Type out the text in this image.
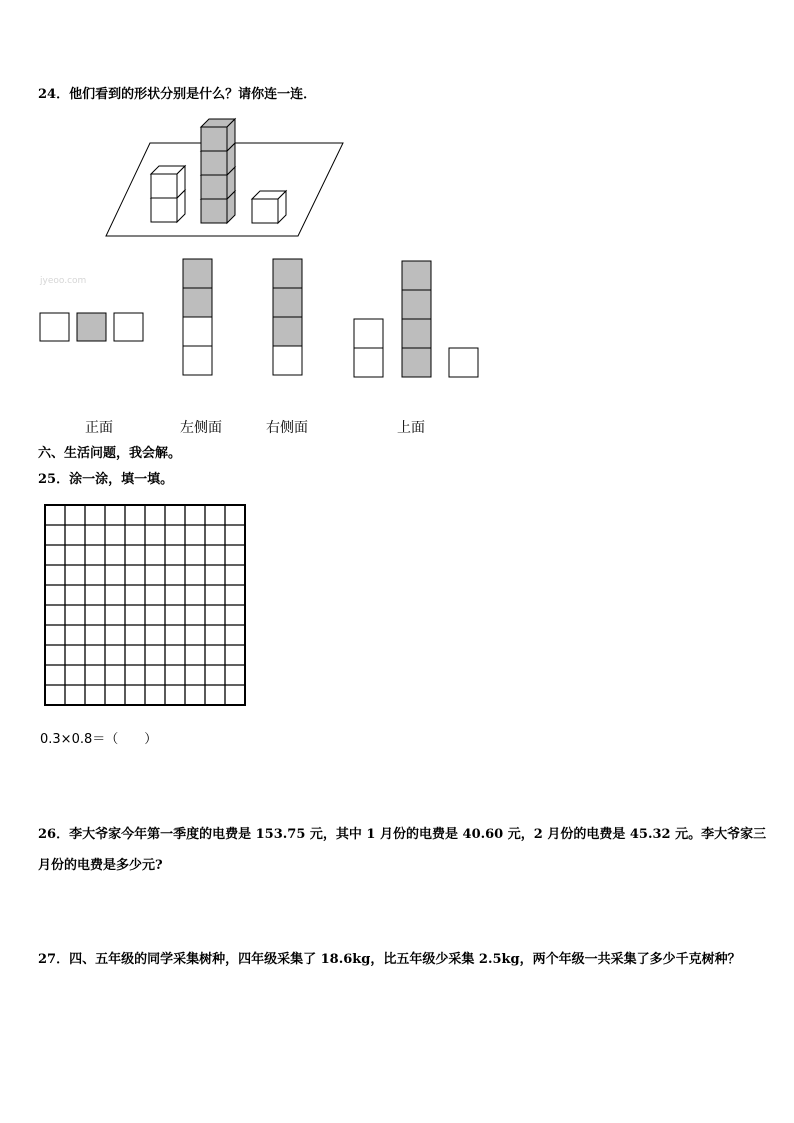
24．他们看到的形状分别是什么？请你连一连．
jyeoo.com
正面	左侧面	右侧面	上面
六、生活问题，我会解。
25．涂一涂，填一填。
0.3×0.8＝（　　）
26．李大爷家今年第一季度的电费是 153.75 元，其中 1 月份的电费是 40.60 元，2 月份的电费是 45.32 元。李大爷家三
月份的电费是多少元?
27．四、五年级的同学采集树种，四年级采集了 18.6kg，比五年级少采集 2.5kg，两个年级一共采集了多少千克树种？
